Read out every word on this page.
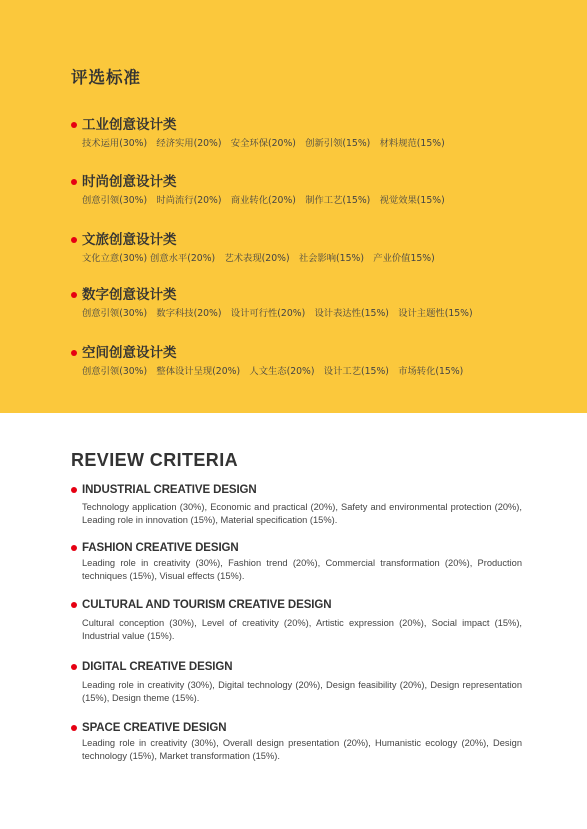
评选标准
工业创意设计类
技术运用(30%)　经济实用(20%)　安全环保(20%)　创新引领(15%)　材料规范(15%)
时尚创意设计类
创意引领(30%)　时尚流行(20%)　商业转化(20%)　制作工艺(15%)　视觉效果(15%)
文旅创意设计类
文化立意(30%) 创意水平(20%)　艺术表现(20%)　社会影响(15%)　产业价值15%)
数字创意设计类
创意引领(30%)　数字科技(20%)　设计可行性(20%)　设计表达性(15%)　设计主题性(15%)
空间创意设计类
创意引领(30%)　整体设计呈现(20%)　人文生态(20%)　设计工艺(15%)　市场转化(15%)
REVIEW CRITERIA
INDUSTRIAL CREATIVE DESIGN
Technology application (30%), Economic and practical (20%), Safety and environmental protection (20%), Leading role in innovation (15%), Material specification (15%).
FASHION CREATIVE DESIGN
Leading role in creativity (30%), Fashion trend (20%), Commercial transformation (20%), Production techniques (15%), Visual effects (15%).
CULTURAL AND TOURISM CREATIVE DESIGN
Cultural conception (30%), Level of creativity (20%), Artistic expression (20%), Social impact (15%), Industrial value (15%).
DIGITAL CREATIVE DESIGN
Leading role in creativity (30%), Digital technology (20%), Design feasibility (20%), Design representation (15%), Design theme (15%).
SPACE CREATIVE DESIGN
Leading role in creativity (30%), Overall design presentation (20%), Humanistic ecology (20%), Design technology (15%), Market transformation (15%).
